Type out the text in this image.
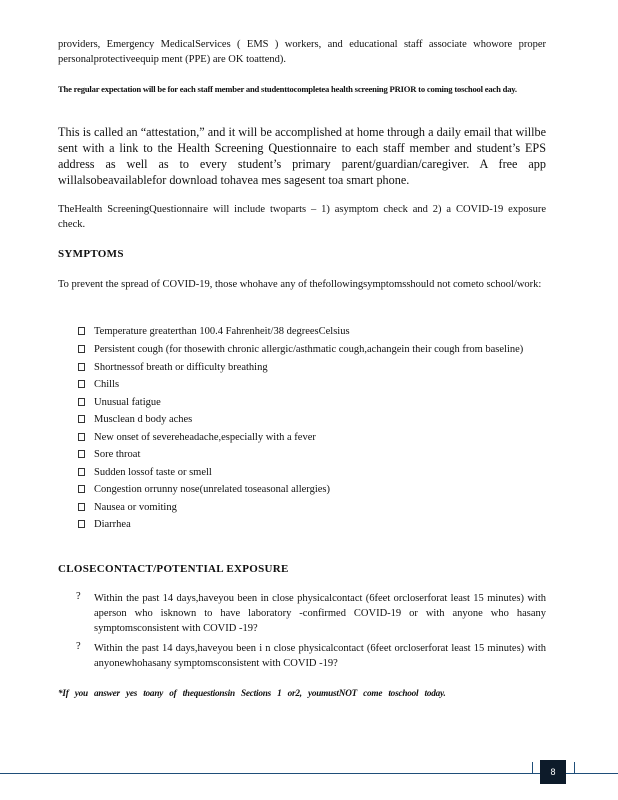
providers, Emergency MedicalServices ( EMS ) workers, and educational staff associate whowore proper personalprotectiveequip ment (PPE) are OK toattend).
The regular expectation will be for each staff member and studenttocompletea health screening PRIOR to coming toschool each day.
This is called an “attestation,” and it will be accomplished at home through a daily email that willbe sent with a link to the Health Screening Questionnaire to each staff member and student’s EPS address as well as to every student’s primary parent/guardian/caregiver. A free app willalsobeavailablefor download tohavea mes sagesent toa smart phone.
TheHealth ScreeningQuestionnaire will include twoparts – 1) asymptom check and 2) a COVID-19 exposure check.
SYMPTOMS
To prevent the spread of COVID-19, those whohave any of thefollowingsymptomsshould not cometo school/work:
Temperature greaterthan 100.4 Fahrenheit/38 degreesCelsius
Persistent cough (for thosewith chronic allergic/asthmatic cough,achangein their cough from baseline)
Shortnessof breath or difficulty breathing
Chills
Unusual fatigue
Musclean d body aches
New onset of severeheadache,especially with a fever
Sore throat
Sudden lossof taste or smell
Congestion orrunny nose(unrelated toseasonal allergies)
Nausea or vomiting
Diarrhea
CLOSECONTACT/POTENTIAL EXPOSURE
? Within the past 14 days,haveyou been in close physicalcontact (6feet orcloserforat least 15 minutes) with aperson who isknown to have laboratory -confirmed COVID-19 or with anyone who hasany symptomsconsistent with COVID -19?
? Within the past 14 days,haveyou been i n close physicalcontact (6feet orcloserforat least 15 minutes) with anyonewhohasany symptomsconsistent with COVID -19?
*If you answer yes toany of thequestionsin Sections 1 or2, youmustNOT come toschool today.
8
